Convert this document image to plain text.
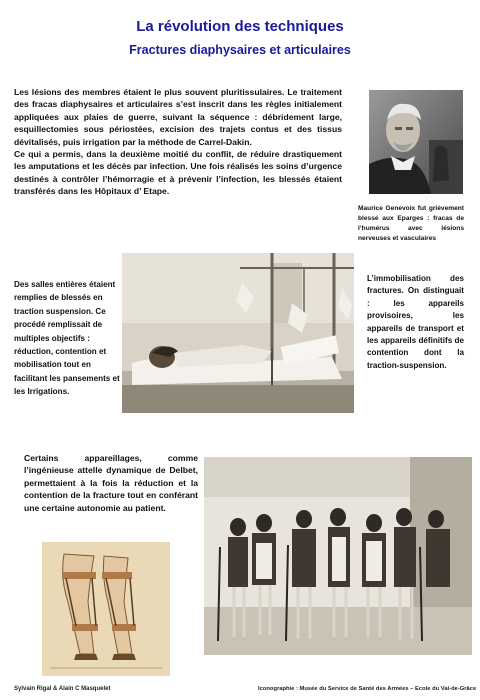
La révolution des techniques
Fractures diaphysaires et articulaires

Les lésions des membres étaient le plus souvent pluritissulaires. Le traitement des fracas diaphysaires et articulaires s’est inscrit dans les règles initialement appliquées aux plaies de guerre, suivant la séquence : débridement large, esquillectomies sous périostées, excision des trajets contus et des tissus dévitalisés, puis irrigation par la méthode de Carrel-Dakin.

Ce qui a permis, dans la deuxième moitié du conflit, de réduire drastiquement les amputations et les décès par infection. Une fois réalisés les soins d’urgence destinés à contrôler l’hémorragie et à prévenir l’infection, les blessés étaient transférés dans les Hôpitaux d’ Etape.

Maurice Genevoix fut grièvement blessé aux Eparges : fracas de l’humérus avec lésions nerveuses et vasculaires
Des salles entières étaient remplies de blessés en traction suspension. Ce procédé remplissait de multiples objectifs : réduction, contention et mobilisation tout en facilitant les pansements et les Irrigations.
L’immobilisation des fractures. On distinguait : les appareils provisoires, les appareils de transport et les appareils définitifs de contention dont la traction-suspension.
Certains appareillages, comme l’ingénieuse attelle dynamique de Delbet, permettaient à la fois la réduction et la contention de la fracture tout en conférant une certaine autonomie au patient.
Sylvain Rigal & Alain C Masquelet	Iconographie : Musée du Service de Santé des Armées – Ecole du Val-de-Grâce
